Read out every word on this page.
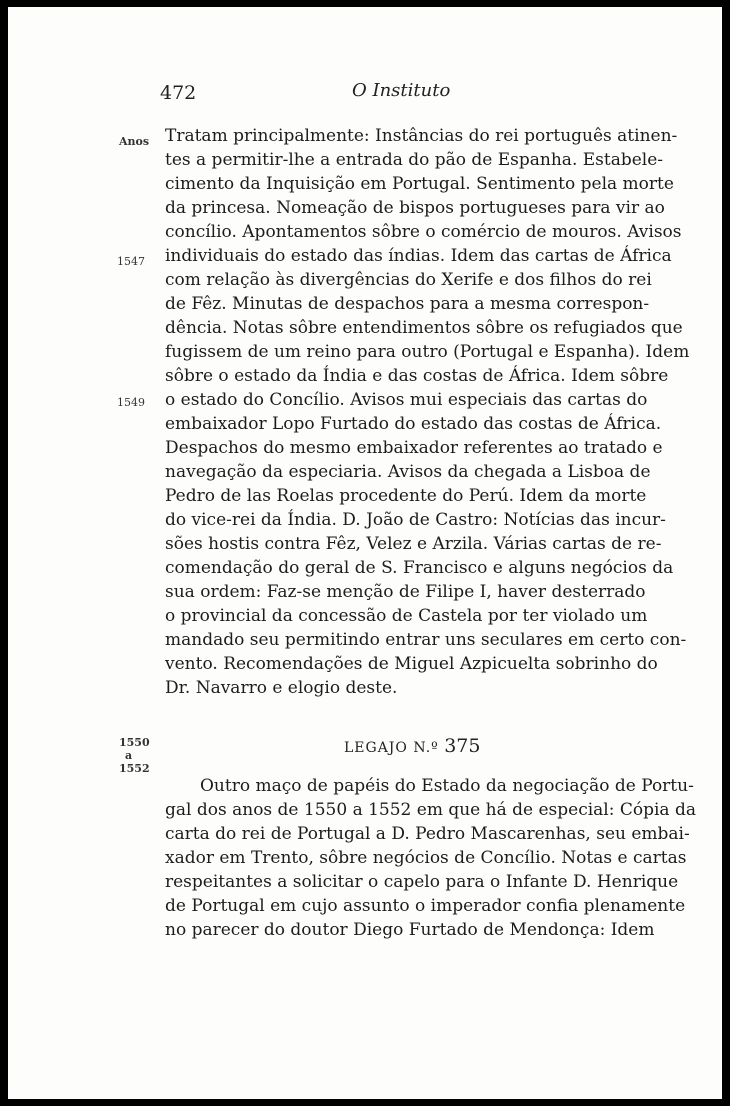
472	O Instituto
Anos
1547
1549
1550
a
1552
Tratam principalmente: Instâncias do rei português atinen-
tes a permitir-lhe a entrada do pão de Espanha. Estabele-
cimento da Inquisição em Portugal. Sentimento pela morte
da princesa. Nomeação de bispos portugueses para vir ao
concílio. Apontamentos sôbre o comércio de mouros. Avisos
individuais do estado das índias. Idem das cartas de África
com relação às divergências do Xerife e dos filhos do rei
de Fêz. Minutas de despachos para a mesma correspon-
dência. Notas sôbre entendimentos sôbre os refugiados que
fugissem de um reino para outro (Portugal e Espanha). Idem
sôbre o estado da Índia e das costas de África. Idem sôbre
o estado do Concílio. Avisos mui especiais das cartas do
embaixador Lopo Furtado do estado das costas de África.
Despachos do mesmo embaixador referentes ao tratado e
navegação da especiaria. Avisos da chegada a Lisboa de
Pedro de las Roelas procedente do Perú. Idem da morte
do vice-rei da Índia. D. João de Castro: Notícias das incur-
sões hostis contra Fêz, Velez e Arzila. Várias cartas de re-
comendação do geral de S. Francisco e alguns negócios da
sua ordem: Faz-se menção de Filipe I, haver desterrado
o provincial da concessão de Castela por ter violado um
mandado seu permitindo entrar uns seculares em certo con-
vento. Recomendações de Miguel Azpicuelta sobrinho do
Dr. Navarro e elogio deste.
LEGAJO N.º 375
Outro maço de papéis do Estado da negociação de Portu-
gal dos anos de 1550 a 1552 em que há de especial: Cópia da
carta do rei de Portugal a D. Pedro Mascarenhas, seu embai-
xador em Trento, sôbre negócios de Concílio. Notas e cartas
respeitantes a solicitar o capelo para o Infante D. Henrique
de Portugal em cujo assunto o imperador confia plenamente
no parecer do doutor Diego Furtado de Mendonça: Idem
